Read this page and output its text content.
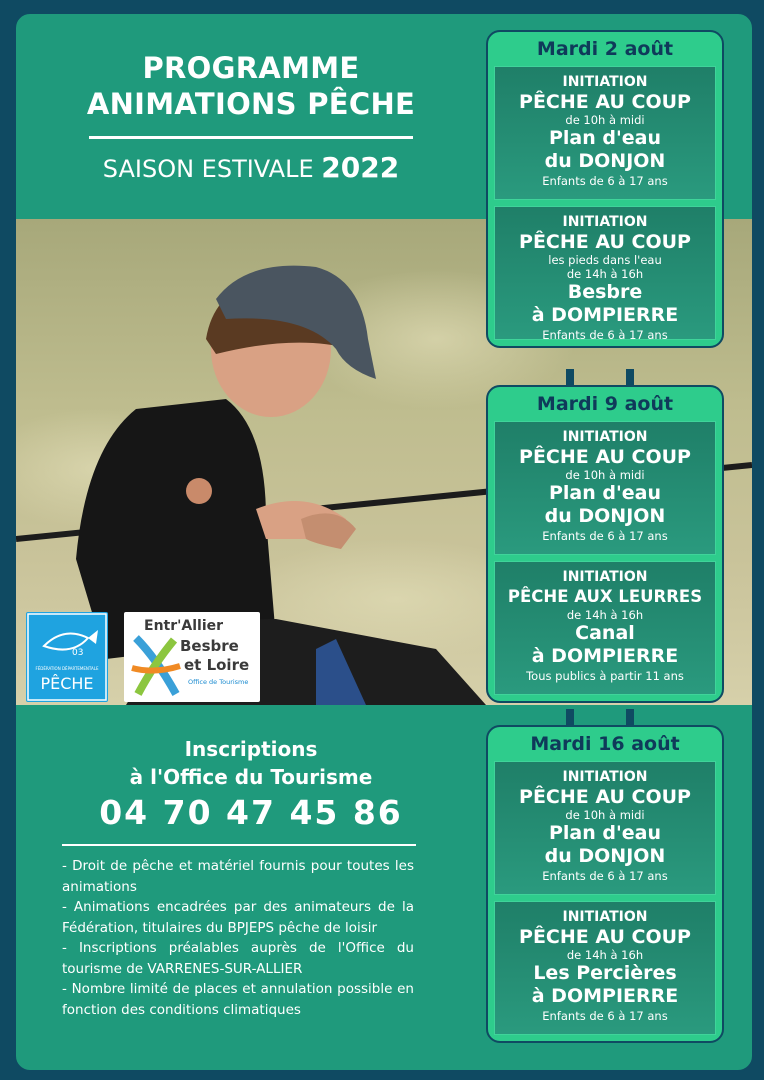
PROGRAMME
ANIMATIONS PÊCHE
SAISON ESTIVALE 2022
03
FÉDÉRATION DÉPARTEMENTALE
PÊCHE
Entr'Allier
Besbre
et Loire
Office de Tourisme
Inscriptions
à l'Office du Tourisme
04 70 47 45 86

- Droit de pêche et matériel fournis pour toutes les animations

- Animations encadrées par des animateurs de la Fédération, titulaires du BPJEPS pêche de loisir

- Inscriptions préalables auprès de l'Office du tourisme de VARRENES-SUR-ALLIER

- Nombre limité de places et annulation possible en fonction des conditions climatiques

Mardi 2 août
INITIATION
PÊCHE AU COUP
de 10h à midi
Plan d'eau
du DONJON
Enfants de 6 à 17 ans
INITIATION
PÊCHE AU COUP
les pieds dans l'eau
de 14h à 16h
Besbre
à DOMPIERRE
Enfants de 6 à 17 ans
Mardi 9 août
INITIATION
PÊCHE AU COUP
de 10h à midi
Plan d'eau
du DONJON
Enfants de 6 à 17 ans
INITIATION
PÊCHE AUX LEURRES
de 14h à 16h
Canal
à DOMPIERRE
Tous publics à partir 11 ans
Mardi 16 août
INITIATION
PÊCHE AU COUP
de 10h à midi
Plan d'eau
du DONJON
Enfants de 6 à 17 ans
INITIATION
PÊCHE AU COUP
de 14h à 16h
Les Percières
à DOMPIERRE
Enfants de 6 à 17 ans
